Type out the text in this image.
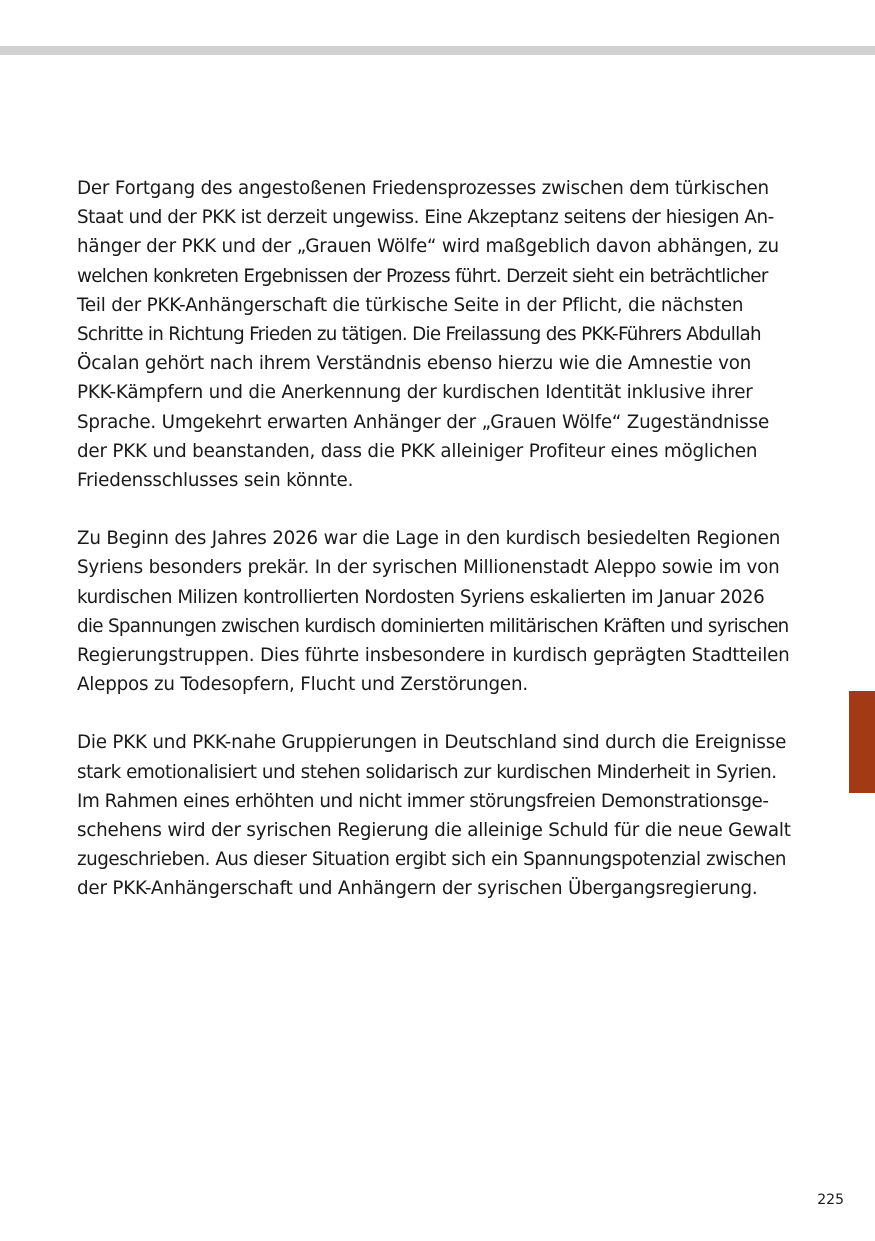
Der Fortgang des angestoßenen Friedensprozesses zwischen dem türkischen
Staat und der PKK ist derzeit ungewiss. Eine Akzeptanz seitens der hiesigen An-
hänger der PKK und der „Grauen Wölfe“ wird maßgeblich davon abhängen, zu
welchen konkreten Ergebnissen der Prozess führt. Derzeit sieht ein beträchtlicher
Teil der PKK-Anhängerschaft die türkische Seite in der Pflicht, die nächsten
Schritte in Richtung Frieden zu tätigen. Die Freilassung des PKK-Führers Abdullah
Öcalan gehört nach ihrem Verständnis ebenso hierzu wie die Amnestie von
PKK-Kämpfern und die Anerkennung der kurdischen Identität inklusive ihrer
Sprache. Umgekehrt erwarten Anhänger der „Grauen Wölfe“ Zugeständnisse
der PKK und beanstanden, dass die PKK alleiniger Profiteur eines möglichen
Friedensschlusses sein könnte.

Zu Beginn des Jahres 2026 war die Lage in den kurdisch besiedelten Regionen
Syriens besonders prekär. In der syrischen Millionenstadt Aleppo sowie im von
kurdischen Milizen kontrollierten Nordosten Syriens eskalierten im Januar 2026
die Spannungen zwischen kurdisch dominierten militärischen Kräften und syrischen
Regierungstruppen. Dies führte insbesondere in kurdisch geprägten Stadtteilen
Aleppos zu Todesopfern, Flucht und Zerstörungen.

Die PKK und PKK-nahe Gruppierungen in Deutschland sind durch die Ereignisse
stark emotionalisiert und stehen solidarisch zur kurdischen Minderheit in Syrien.
Im Rahmen eines erhöhten und nicht immer störungsfreien Demonstrationsge-
schehens wird der syrischen Regierung die alleinige Schuld für die neue Gewalt
zugeschrieben. Aus dieser Situation ergibt sich ein Spannungspotenzial zwischen
der PKK-Anhängerschaft und Anhängern der syrischen Übergangsregierung.

225
